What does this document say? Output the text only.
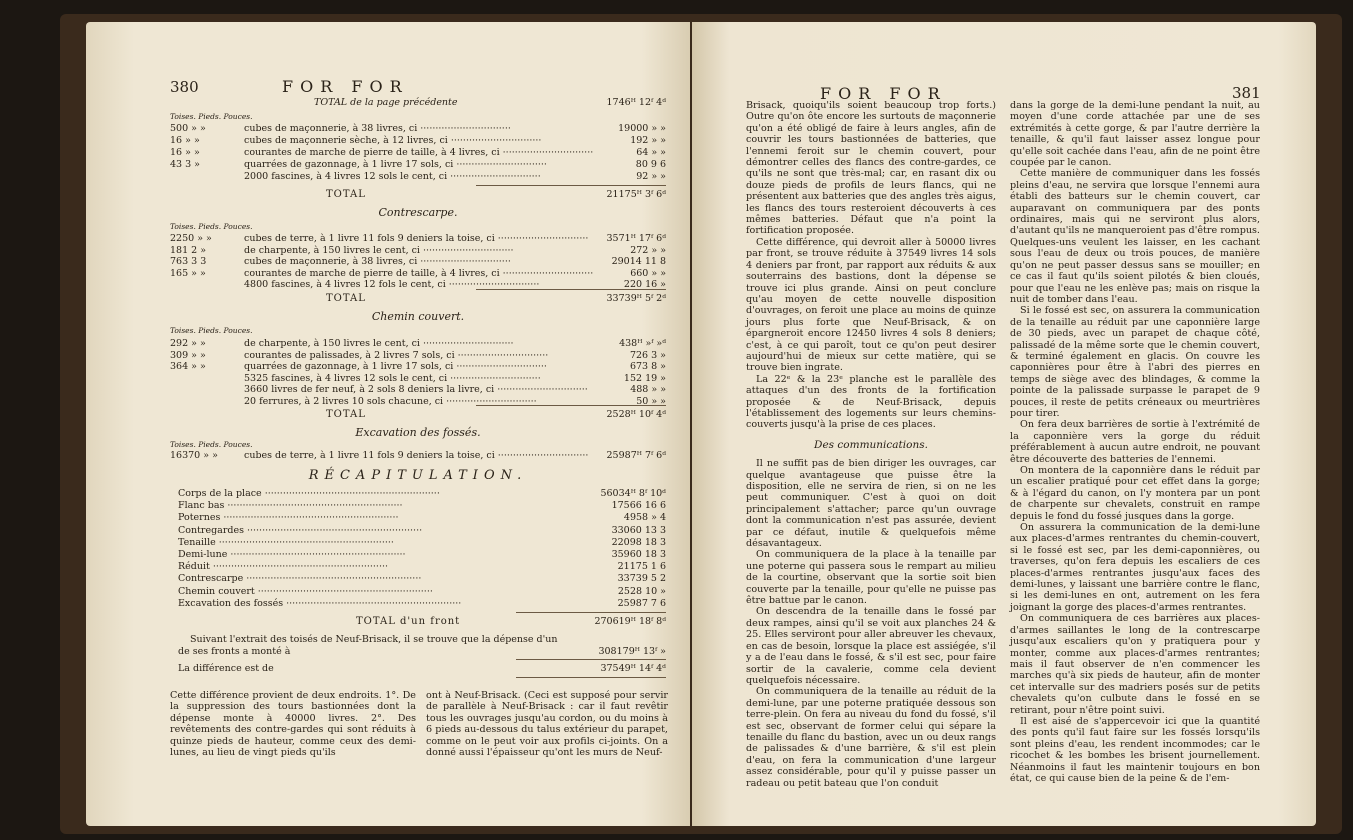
380	FOR FOR
TOTAL de la page précédente	1746ᴴ 12ᶠ 4ᵈ
Toises. Pieds. Pouces.
TOTAL	21175ᴴ 3ᶠ 6ᵈ
Contrescarpe.
Toises. Pieds. Pouces.
TOTAL	33739ᴴ 5ᶠ 2ᵈ
Chemin couvert.
Toises. Pieds. Pouces.
TOTAL	2528ᴴ 10ᶠ 4ᵈ
Excavation des fossés.
Toises. Pieds. Pouces.
RÉCAPITULATION.
TOTAL d'un front	270619ᴴ 18ᶠ 8ᵈ
Suivant l'extrait des toisés de Neuf-Brisack, il se trouve que la dépense d'un
de ses fronts a monté à	308179ᴴ 13ᶠ »
La différence est de	37549ᴴ 14ᶠ 4ᵈ
Cette différence provient de deux endroits. 1°. De la suppression des tours bastionnées dont la dépense monte à 40000 livres. 2°. Des revêtements des contre-gardes qui sont réduits à quinze pieds de hauteur, comme ceux des demi-lunes, au lieu de vingt pieds qu'ils
ont à Neuf-Brisack. (Ceci est supposé pour servir de parallèle à Neuf-Brisack : car il faut revêtir tous les ouvrages jusqu'au cordon, ou du moins à 6 pieds au-dessous du talus extérieur du parapet, comme on le peut voir aux profils ci-joints. On a donné aussi l'épaisseur qu'ont les murs de Neuf-
500 » »	cubes de maçonnerie, à 38 livres, ci ······························	19000 » »
16 » »	cubes de maçonnerie sèche, à 12 livres, ci ······························	192 » »
16 » »	courantes de marche de pierre de taille, à 4 livres, ci ······························	64 » »
43 3 »	quarrées de gazonnage, à 1 livre 17 sols, ci ······························	80 9 6
2000 fascines, à 4 livres 12 sols le cent, ci ······························	92 » »
2250 » »	cubes de terre, à 1 livre 11 fols 9 deniers la toise, ci ······························	3571ᴴ 17ᶠ 6ᵈ
181 2 »	de charpente, à 150 livres le cent, ci ······························	272 » »
763 3 3	cubes de maçonnerie, à 38 livres, ci ······························	29014 11 8
165 » »	courantes de marche de pierre de taille, à 4 livres, ci ······························	660 » »
4800 fascines, à 4 livres 12 fols le cent, ci ······························	220 16 »
292 » »	de charpente, à 150 livres le cent, ci ······························	438ᴴ »ᶠ »ᵈ
309 » »	courantes de palissades, à 2 livres 7 sols, ci ······························	726 3 »
364 » »	quarrées de gazonnage, à 1 livre 17 sols, ci ······························	673 8 »
5325 fascines, à 4 livres 12 sols le cent, ci ······························	152 19 »
3660 livres de fer neuf, à 2 sols 8 deniers la livre, ci ······························	488 » »
20 ferrures, à 2 livres 10 sols chacune, ci ······························	50 » »
16370 » »	cubes de terre, à 1 livre 11 fols 9 deniers la toise, ci ······························	25987ᴴ 7ᶠ 6ᵈ
Corps de la place ··························································	56034ᴴ 8ᶠ 10ᵈ
Flanc bas ··························································	17566 16 6
Poternes ··························································	4958 » 4
Contregardes ··························································	33060 13 3
Tenaille ··························································	22098 18 3
Demi-lune ··························································	35960 18 3
Réduit ··························································	21175 1 6
Contrescarpe ··························································	33739 5 2
Chemin couvert ··························································	2528 10 »
Excavation des fossés ··························································	25987 7 6
FOR FOR	381
Brisack, quoiqu'ils soient beaucoup trop forts.) Outre qu'on ôte encore les surtouts de maçonnerie qu'on a été obligé de faire à leurs angles, afin de couvrir les tours bastionnées de batteries, que l'ennemi feroit sur le chemin couvert, pour démontrer celles des flancs des contre-gardes, ce qu'ils ne sont que très-mal; car, en rasant dix ou douze pieds de profils de leurs flancs, qui ne présentent aux batteries que des angles très aigus, les flancs des tours resteroient découverts à ces mêmes batteries. Défaut que n'a point la fortification proposée.
Cette différence, qui devroit aller à 50000 livres par front, se trouve réduite à 37549 livres 14 sols 4 deniers par front, par rapport aux réduits & aux souterrains des bastions, dont la dépense se trouve ici plus grande. Ainsi on peut conclure qu'au moyen de cette nouvelle disposition d'ouvrages, on feroit une place au moins de quinze jours plus forte que Neuf-Brisack, & on épargneroit encore 12450 livres 4 sols 8 deniers; c'est, à ce qui paroît, tout ce qu'on peut desirer aujourd'hui de mieux sur cette matière, qui se trouve bien ingrate.
La 22ᵉ & la 23ᵉ planche est le parallèle des attaques d'un des fronts de la fortification proposée & de Neuf-Brisack, depuis l'établissement des logements sur leurs chemins-couverts jusqu'à la prise de ces places.
Des communications.
Il ne suffit pas de bien diriger les ouvrages, car quelque avantageuse que puisse être la disposition, elle ne servira de rien, si on ne les peut communiquer. C'est à quoi on doit principalement s'attacher; parce qu'un ouvrage dont la communication n'est pas assurée, devient par ce défaut, inutile & quelquefois même désavantageux.
On communiquera de la place à la tenaille par une poterne qui passera sous le rempart au milieu de la courtine, observant que la sortie soit bien couverte par la tenaille, pour qu'elle ne puisse pas être battue par le canon.
On descendra de la tenaille dans le fossé par deux rampes, ainsi qu'il se voit aux planches 24 & 25. Elles serviront pour aller abreuver les chevaux, en cas de besoin, lorsque la place est assiégée, s'il y a de l'eau dans le fossé, & s'il est sec, pour faire sortir de la cavalerie, comme cela devient quelquefois nécessaire.
On communiquera de la tenaille au réduit de la demi-lune, par une poterne pratiquée dessous son terre-plein. On fera au niveau du fond du fossé, s'il est sec, observant de former celui qui sépare la tenaille du flanc du bastion, avec un ou deux rangs de palissades & d'une barrière, & s'il est plein d'eau, on fera la communication d'une largeur assez considérable, pour qu'il y puisse passer un radeau ou petit bateau que l'on conduit
dans la gorge de la demi-lune pendant la nuit, au moyen d'une corde attachée par une de ses extrémités à cette gorge, & par l'autre derrière la tenaille, & qu'il faut laisser assez longue pour qu'elle soit cachée dans l'eau, afin de ne point être coupée par le canon.
Cette manière de communiquer dans les fossés pleins d'eau, ne servira que lorsque l'ennemi aura établi des batteurs sur le chemin couvert, car auparavant on communiquera par des ponts ordinaires, mais qui ne serviront plus alors, d'autant qu'ils ne manqueroient pas d'être rompus. Quelques-uns veulent les laisser, en les cachant sous l'eau de deux ou trois pouces, de manière qu'on ne peut passer dessus sans se mouiller; en ce cas il faut qu'ils soient pilotés & bien cloués, pour que l'eau ne les enlève pas; mais on risque la nuit de tomber dans l'eau.
Si le fossé est sec, on assurera la communication de la tenaille au réduit par une caponnière large de 30 pieds, avec un parapet de chaque côté, palissadé de la même sorte que le chemin couvert, & terminé également en glacis. On couvre les caponnières pour être à l'abri des pierres en temps de siège avec des blindages, & comme la pointe de la palissade surpasse le parapet de 9 pouces, il reste de petits créneaux ou meurtrières pour tirer.
On fera deux barrières de sortie à l'extrémité de la caponnière vers la gorge du réduit préférablement à aucun autre endroit, ne pouvant être découverte des batteries de l'ennemi.
On montera de la caponnière dans le réduit par un escalier pratiqué pour cet effet dans la gorge; & à l'égard du canon, on l'y montera par un pont de charpente sur chevalets, construit en rampe depuis le fond du fossé jusques dans la gorge.
On assurera la communication de la demi-lune aux places-d'armes rentrantes du chemin-couvert, si le fossé est sec, par les demi-caponnières, ou traverses, qu'on fera depuis les escaliers de ces places-d'armes rentrantes jusqu'aux faces des demi-lunes, y laissant une barrière contre le flanc, si les demi-lunes en ont, autrement on les fera joignant la gorge des places-d'armes rentrantes.
On communiquera de ces barrières aux places-d'armes saillantes le long de la contrescarpe jusqu'aux escaliers qu'on y pratiquera pour y monter, comme aux places-d'armes rentrantes; mais il faut observer de n'en commencer les marches qu'à six pieds de hauteur, afin de monter cet intervalle sur des madriers posés sur de petits chevalets qu'on culbute dans le fossé en se retirant, pour n'être point suivi.
Il est aisé de s'appercevoir ici que la quantité des ponts qu'il faut faire sur les fossés lorsqu'ils sont pleins d'eau, les rendent incommodes; car le ricochet & les bombes les brisent journellement. Néanmoins il faut les maintenir toujours en bon état, ce qui cause bien de la peine & de l'em-
